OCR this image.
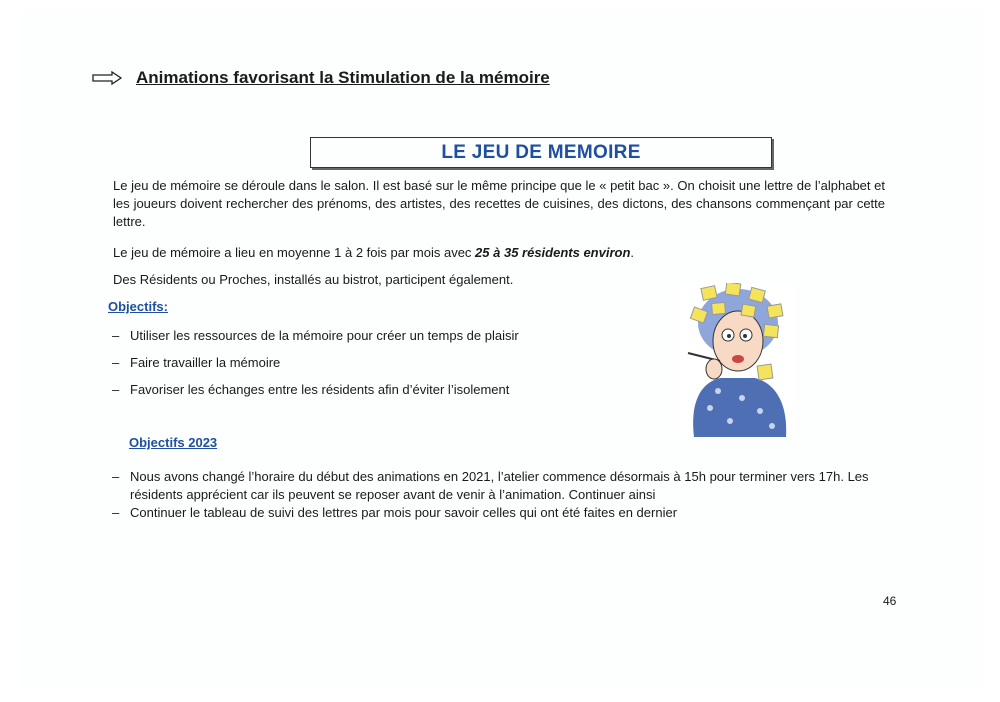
Animations favorisant la Stimulation de la mémoire
LE JEU DE MEMOIRE

Le jeu de mémoire se déroule dans le salon. Il est basé sur le même principe que le « petit bac ». On choisit une lettre de l’alphabet et les joueurs doivent rechercher des prénoms, des artistes, des recettes de cuisines, des dictons, des chansons commençant par cette lettre.

Le jeu de mémoire a lieu en moyenne 1 à 2 fois par mois avec 25 à 35 résidents environ.

Des Résidents ou Proches, installés au bistrot, participent également.

Objectifs:
– Utiliser les ressources de la mémoire pour créer un temps de plaisir
– Faire travailler la mémoire
– Favoriser les échanges entre les résidents afin d’éviter l’isolement
Objectifs 2023
– Nous avons changé l’horaire du début des animations en 2021, l’atelier commence désormais à 15h pour terminer vers 17h. Les résidents apprécient car ils peuvent se reposer avant de venir à l’animation. Continuer ainsi
– Continuer le tableau de suivi des lettres par mois pour savoir celles qui ont été faites en dernier
46
